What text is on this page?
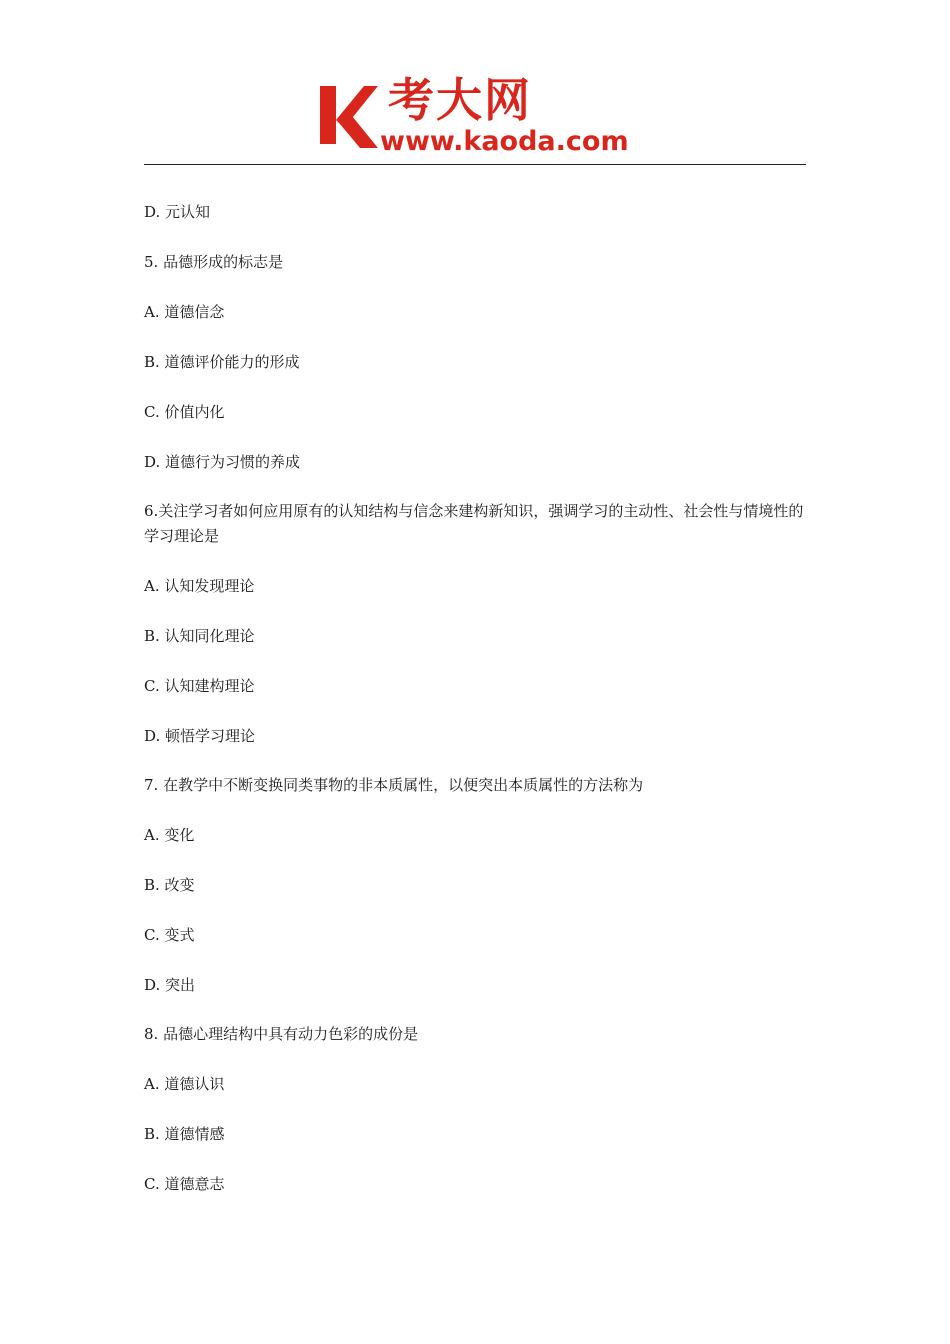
考大网
www.kaoda.com
D. 元认知
5. 品德形成的标志是
A. 道德信念
B. 道德评价能力的形成
C. 价值内化
D. 道德行为习惯的养成
6.关注学习者如何应用原有的认知结构与信念来建构新知识，强调学习的主动性、社会性与情境性的学习理论是
A. 认知发现理论
B. 认知同化理论
C. 认知建构理论
D. 顿悟学习理论
7. 在教学中不断变换同类事物的非本质属性，以便突出本质属性的方法称为
A. 变化
B. 改变
C. 变式
D. 突出
8. 品德心理结构中具有动力色彩的成份是
A. 道德认识
B. 道德情感
C. 道德意志
